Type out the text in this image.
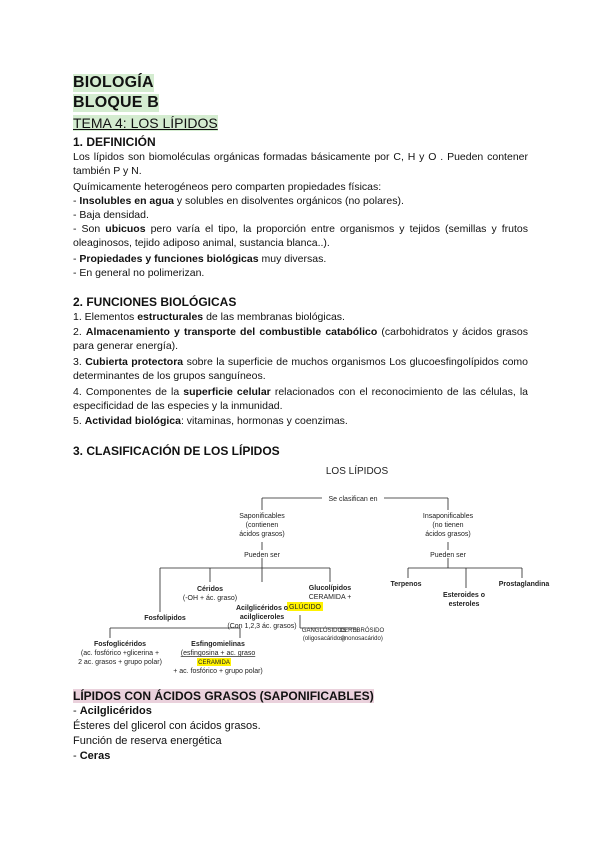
BIOLOGÍA
BLOQUE B
TEMA 4: LOS LÍPIDOS
1. DEFINICIÓN
Los lípidos son biomoléculas orgánicas formadas básicamente por C, H y O . Pueden contener también P y N.
Químicamente heterogéneos pero comparten propiedades físicas:
- Insolubles en agua y solubles en disolventes orgánicos (no polares).
- Baja densidad.
- Son ubicuos pero varía el tipo, la proporción entre organismos y tejidos (semillas y frutos oleaginosos, tejido adiposo animal, sustancia blanca..).
- Propiedades y funciones biológicas muy diversas.
- En general no polimerizan.
2. FUNCIONES BIOLÓGICAS
1. Elementos estructurales de las membranas biológicas.
2. Almacenamiento y transporte del combustible catabólico (carbohidratos y ácidos grasos para generar energía).
3. Cubierta protectora sobre la superficie de muchos organismos Los glucoesfingolípidos como determinantes de los grupos sanguíneos.
4. Componentes de la superficie celular relacionados con el reconocimiento de las células, la especificidad de las especies y la inmunidad.
5. Actividad biológica: vitaminas, hormonas y coenzimas.
3. CLASIFICACIÓN DE LOS LÍPIDOS
LOS LÍPIDOS
Se clasifican en
Saponificables
(contienen
ácidos grasos)
Insaponificables
(no tienen
ácidos grasos)
Pueden ser	Pueden ser
Céridos
(-OH + ác. graso)
Glucolípidos
CERAMIDA +
GLÚCIDO
Fosfolípidos
Acilglicéridos o
acilgliceroles
(Con 1,2,3 ác. grasos)
GANGLÓSIDOS
(oligosacáridos)
CEREBRÓSIDO
(monosacárido)
Fosfoglicéridos
(ac. fosfórico +glicerina +
2 ac. grasos + grupo polar)
Esfingomielinas
(esfingosina + ac. graso
CERAMIDA
+ ac. fosfórico + grupo polar)
Terpenos	Prostaglandina
Esteroides o
esteroles
LÍPIDOS CON ÁCIDOS GRASOS (SAPONIFICABLES)
- Acilglicéridos
Ésteres del glicerol con ácidos grasos.
Función de reserva energética
- Ceras
